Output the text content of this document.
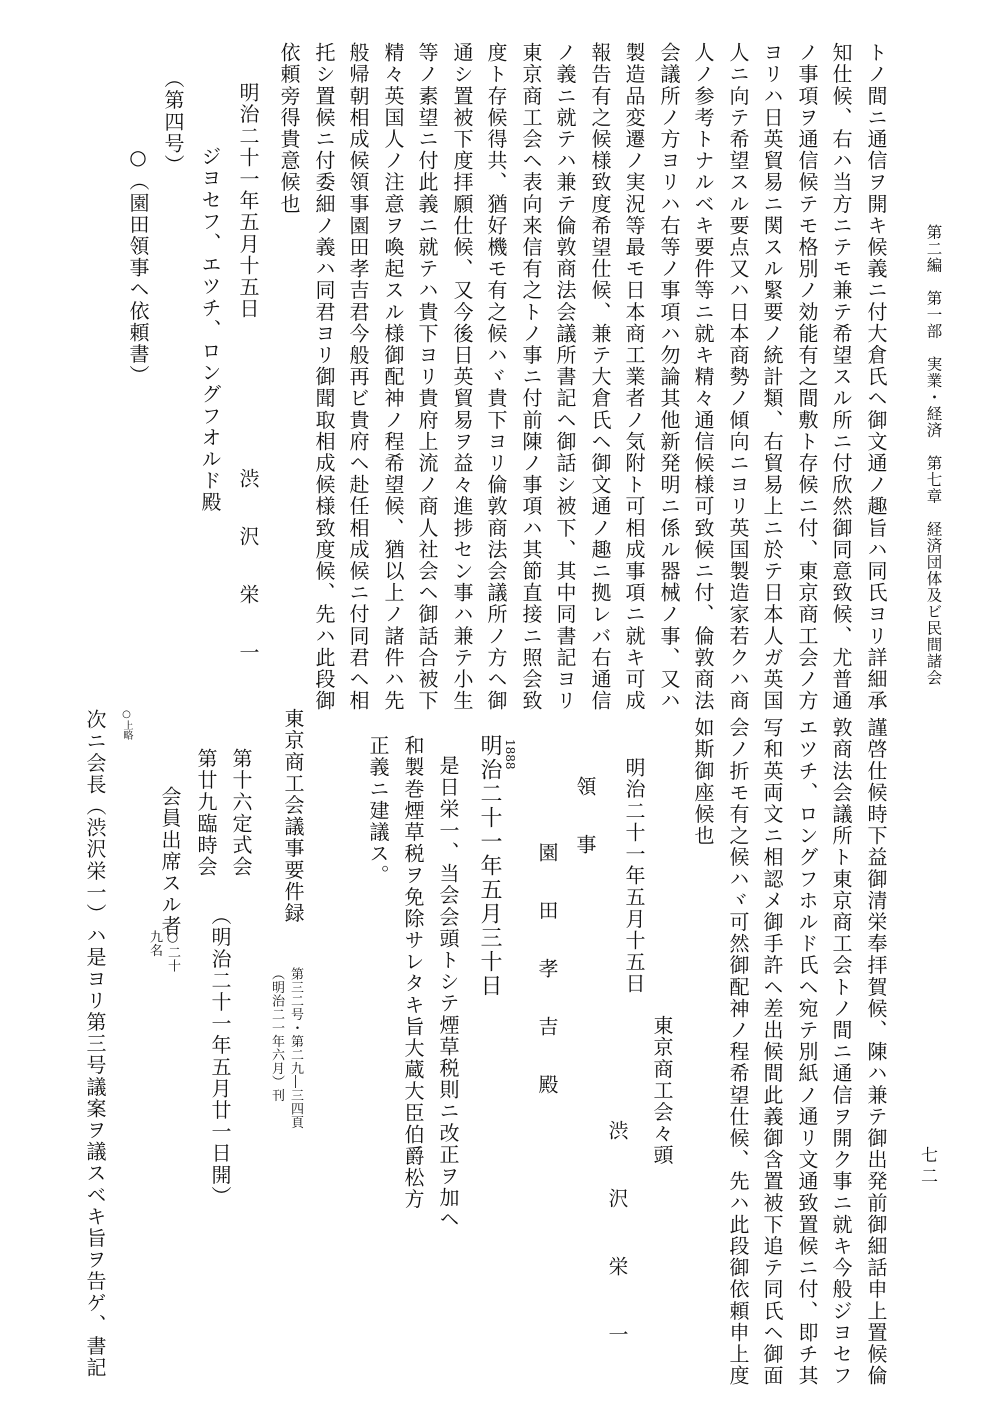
第二編　第一部　実業・経済　第七章　経済団体及ビ民間諸会
七二
トノ間ニ通信ヲ開キ候義ニ付大倉氏ヘ御文通ノ趣旨ハ同氏ヨリ詳細承
知仕候、右ハ当方ニテモ兼テ希望スル所ニ付欣然御同意致候、尤普通
ノ事項ヲ通信候テモ格別ノ効能有之間敷ト存候ニ付、東京商工会ノ方
ヨリハ日英貿易ニ関スル緊要ノ統計類、右貿易上ニ於テ日本人ガ英国
人ニ向テ希望スル要点又ハ日本商勢ノ傾向ニヨリ英国製造家若クハ商
人ノ参考トナルベキ要件等ニ就キ精々通信候様可致候ニ付、倫敦商法
会議所ノ方ヨリハ右等ノ事項ハ勿論其他新発明ニ係ル器械ノ事、又ハ
製造品変遷ノ実況等最モ日本商工業者ノ気附ト可相成事項ニ就キ可成
報告有之候様致度希望仕候、兼テ大倉氏ヘ御文通ノ趣ニ拠レバ右通信
ノ義ニ就テハ兼テ倫敦商法会議所書記ヘ御話シ被下、其中同書記ヨリ
東京商工会ヘ表向来信有之トノ事ニ付前陳ノ事項ハ其節直接ニ照会致
度ト存候得共、猶好機モ有之候ハヾ貴下ヨリ倫敦商法会議所ノ方ヘ御
通シ置被下度拝願仕候、又今後日英貿易ヲ益々進捗セン事ハ兼テ小生
等ノ素望ニ付此義ニ就テハ貴下ヨリ貴府上流ノ商人社会ヘ御話合被下
精々英国人ノ注意ヲ喚起スル様御配神ノ程希望候、猶以上ノ諸件ハ先
般帰朝相成候領事園田孝吉君今般再ビ貴府ヘ赴任相成候ニ付同君ヘ相
托シ置候ニ付委細ノ義ハ同君ヨリ御聞取相成候様致度候、先ハ此段御
依頼旁得貴意候也
明治二十一年五月十五日
渋　沢　栄　一
ジヨセフ、エツチ、ロングフオルド殿
（第四号）
○（園田領事ヘ依頼書）
謹啓仕候時下益御清栄奉拝賀候、陳ハ兼テ御出発前御細話申上置候倫
敦商法会議所ト東京商工会トノ間ニ通信ヲ開ク事ニ就キ今般ジヨセフ
エツチ、ロングフホルド氏ヘ宛テ別紙ノ通リ文通致置候ニ付、即チ其
写和英両文ニ相認メ御手許ヘ差出候間此義御含置被下追テ同氏ヘ御面
会ノ折モ有之候ハヾ可然御配神ノ程希望仕候、先ハ此段御依頼申上度
如斯御座候也
明治二十一年五月十五日
東京商工会々頭
渋　沢　栄　一
領　事
園　田　孝　吉　殿
1888
明治二十一年五月三十日
是日栄一、当会会頭トシテ煙草税則ニ改正ヲ加ヘ
和製巻煙草税ヲ免除サレタキ旨大蔵大臣伯爵松方
正義ニ建議ス。
東京商工会議事要件録
第三二号・第二九―三四頁
（明治二一年六月）刊
第十六定式会
第廿九臨時会
（明治二十一年五月廿一日開）
会員出席スル者
○二十
九名
○上略
次ニ会長（渋沢栄一）ハ是ヨリ第三号議案ヲ議スベキ旨ヲ告ゲ、書記
